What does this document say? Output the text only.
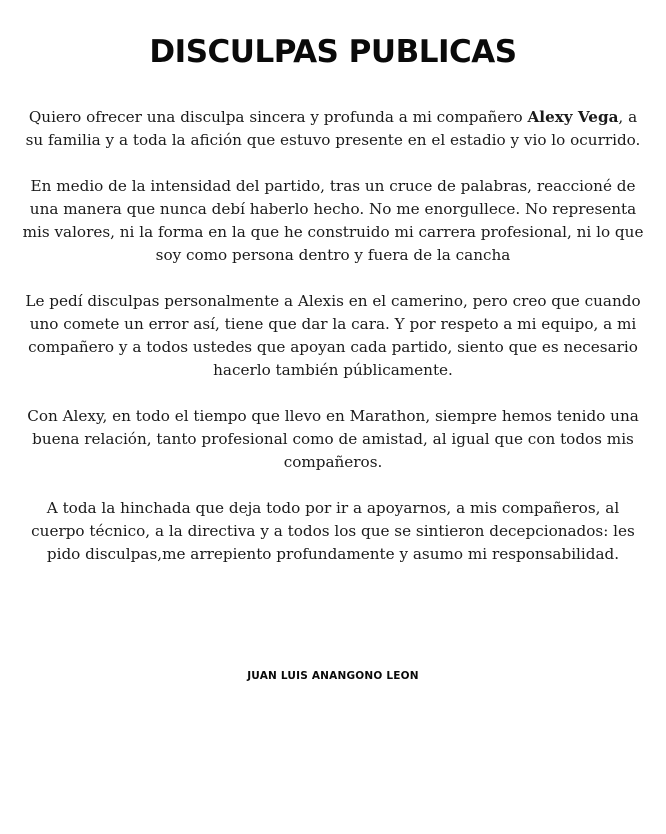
DISCULPAS PUBLICAS

Quiero ofrecer una disculpa sincera y profunda a mi compañero Alexy Vega, a
su familia y a toda la afición que estuvo presente en el estadio y vio lo ocurrido.

En medio de la intensidad del partido, tras un cruce de palabras, reaccioné de
una manera que nunca debí haberlo hecho. No me enorgullece. No representa
mis valores, ni la forma en la que he construido mi carrera profesional, ni lo que
soy como persona dentro y fuera de la cancha

Le pedí disculpas personalmente a Alexis en el camerino, pero creo que cuando
uno comete un error así, tiene que dar la cara. Y por respeto a mi equipo, a mi
compañero y a todos ustedes que apoyan cada partido, siento que es necesario
hacerlo también públicamente.

Con Alexy, en todo el tiempo que llevo en Marathon, siempre hemos tenido una
buena relación, tanto profesional como de amistad, al igual que con todos mis
compañeros.

A toda la hinchada que deja todo por ir a apoyarnos, a mis compañeros, al
cuerpo técnico, a la directiva y a todos los que se sintieron decepcionados: les
pido disculpas,me arrepiento profundamente y asumo mi responsabilidad.

JUAN LUIS ANANGONO LEON
